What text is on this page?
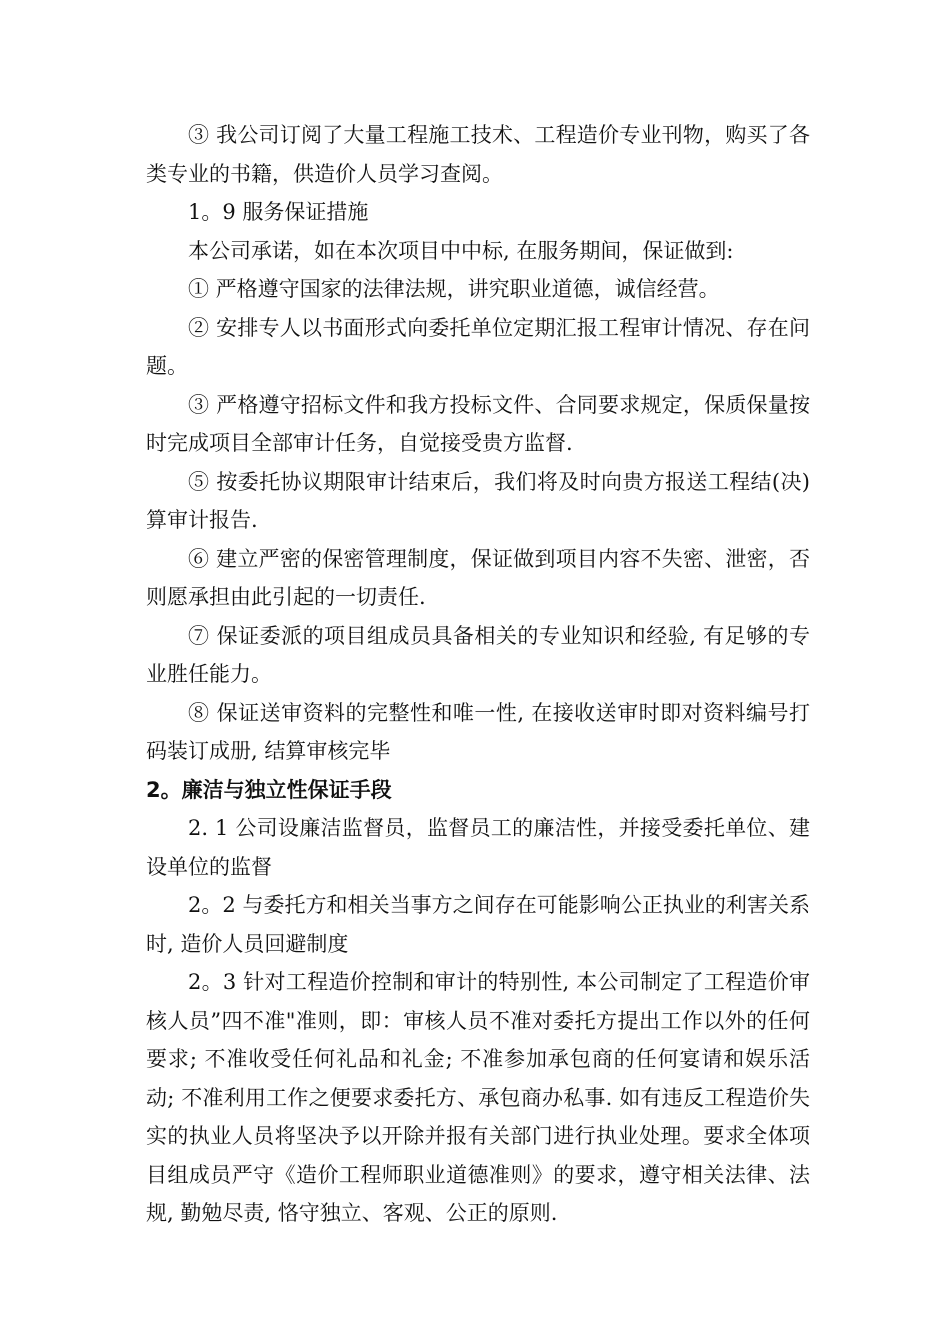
③ 我公司订阅了大量工程施工技术、工程造价专业刊物，购买了各类专业的书籍，供造价人员学习查阅。

1。9 服务保证措施

本公司承诺，如在本次项目中中标, 在服务期间，保证做到:

① 严格遵守国家的法律法规，讲究职业道德，诚信经营。

② 安排专人以书面形式向委托单位定期汇报工程审计情况、存在问题。

③ 严格遵守招标文件和我方投标文件、合同要求规定，保质保量按时完成项目全部审计任务，自觉接受贵方监督.

⑤ 按委托协议期限审计结束后，我们将及时向贵方报送工程结(决) 算审计报告.

⑥ 建立严密的保密管理制度，保证做到项目内容不失密、泄密，否则愿承担由此引起的一切责任.

⑦ 保证委派的项目组成员具备相关的专业知识和经验, 有足够的专业胜任能力。

⑧ 保证送审资料的完整性和唯一性, 在接收送审时即对资料编号打码装订成册, 结算审核完毕

2。廉洁与独立性保证手段

2. 1 公司设廉洁监督员，监督员工的廉洁性，并接受委托单位、建设单位的监督

2。2 与委托方和相关当事方之间存在可能影响公正执业的利害关系时, 造价人员回避制度

2。3 针对工程造价控制和审计的特别性, 本公司制定了工程造价审核人员”四不准"准则，即：审核人员不准对委托方提出工作以外的任何要求; 不准收受任何礼品和礼金; 不准参加承包商的任何宴请和娱乐活动; 不准利用工作之便要求委托方、承包商办私事. 如有违反工程造价失实的执业人员将坚决予以开除并报有关部门进行执业处理。要求全体项目组成员严守《造价工程师职业道德准则》的要求，遵守相关法律、法规, 勤勉尽责, 恪守独立、客观、公正的原则.
